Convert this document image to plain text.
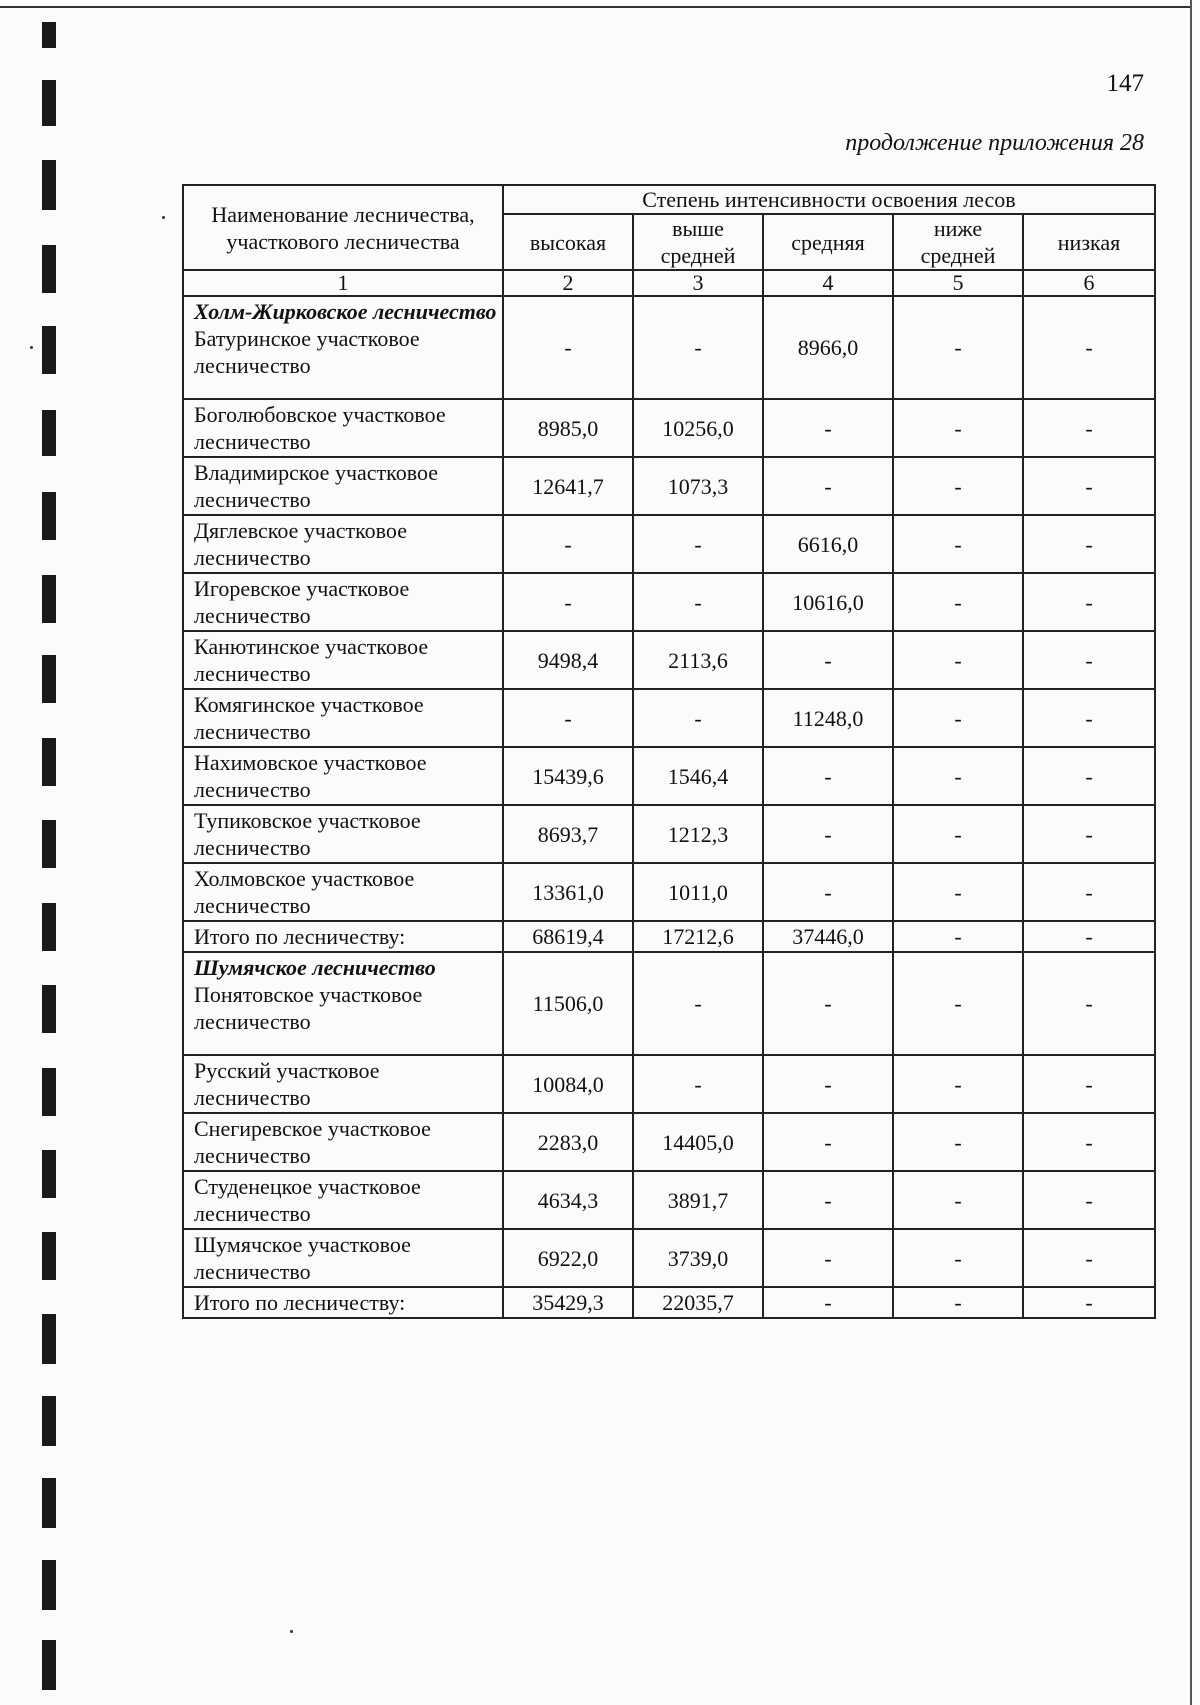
147
продолжение приложения 28
Наименование лесничества, участкового лесничества	Степень интенсивности освоения лесов				
	высокая	выше средней	средняя	ниже средней	низкая
1	2	3	4	5	6

Холм-Жирковское лесничество
Батуринское участковое лесничество	-	-	8966,0	-	-
Боголюбовское участковое лесничество	8985,0	10256,0	-	-	-
Владимирское участковое лесничество	12641,7	1073,3	-	-	-
Дяглевское участковое лесничество	-	-	6616,0	-	-
Игоревское участковое лесничество	-	-	10616,0	-	-
Канютинское участковое лесничество	9498,4	2113,6	-	-	-
Комягинское участковое лесничество	-	-	11248,0	-	-
Нахимовское участковое лесничество	15439,6	1546,4	-	-	-
Тупиковское участковое лесничество	8693,7	1212,3	-	-	-
Холмовское участковое лесничество	13361,0	1011,0	-	-	-
Итого по лесничеству:	68619,4	17212,6	37446,0	-	-

Шумячское лесничество
Понятовское участковое лесничество	11506,0	-	-	-	-
Русский участковое лесничество	10084,0	-	-	-	-
Снегиревское участковое лесничество	2283,0	14405,0	-	-	-
Студенецкое участковое лесничество	4634,3	3891,7	-	-	-
Шумячское участковое лесничество	6922,0	3739,0	-	-	-
Итого по лесничеству:	35429,3	22035,7	-	-	-
